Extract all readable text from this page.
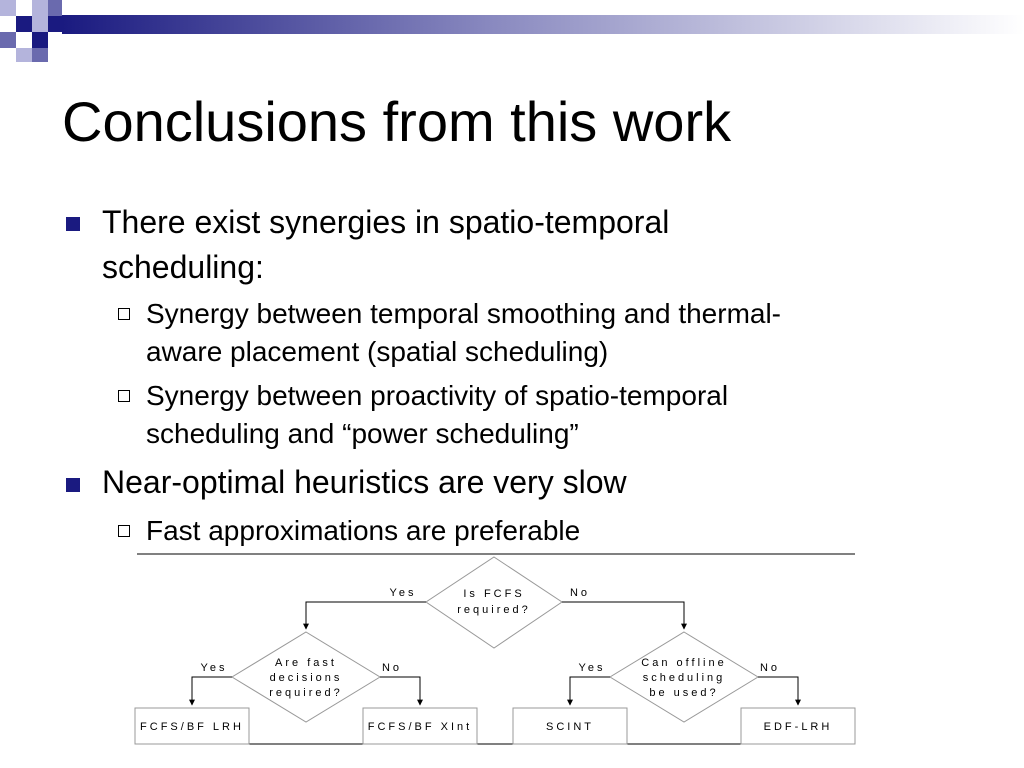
Conclusions from this work

There exist synergies in spatio-temporal
scheduling:

Synergy between temporal smoothing and thermal-
aware placement (spatial scheduling)

Synergy between proactivity of spatio-temporal
scheduling and “power scheduling”

Near-optimal heuristics are very slow

Fast approximations are preferable

Is FCFS
required?
Yes	No
Are fast
decisions
required?
Yes	No	Can offline
scheduling
be used?
Yes	No
FCFS/BF LRH	FCFS/BF XInt	SCINT	EDF-LRH
